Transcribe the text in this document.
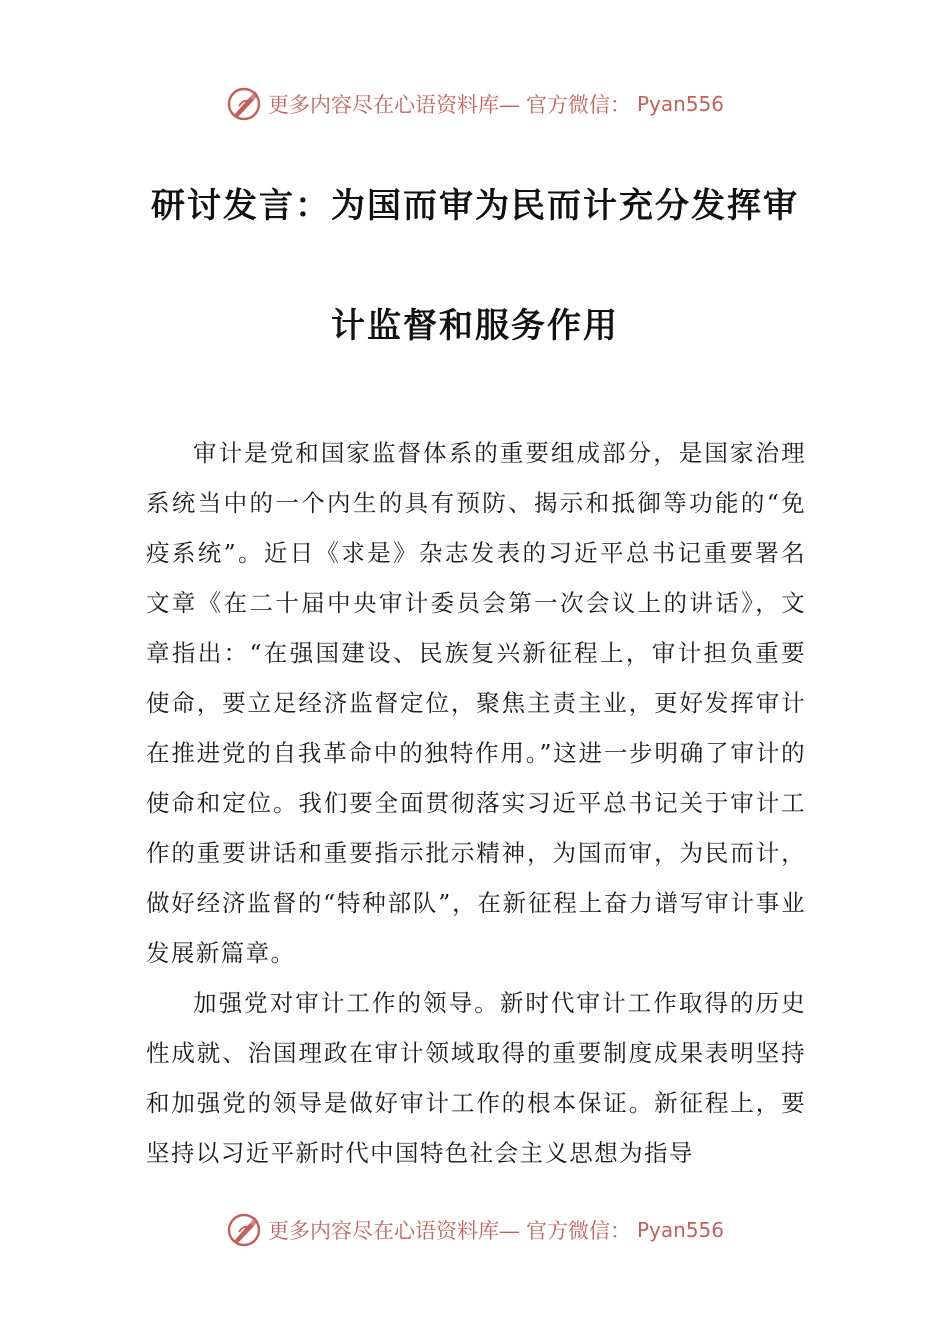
更多内容尽在心语资料库— 官方微信： Pyan556
研讨发言：为国而审为民而计充分发挥审
计监督和服务作用

审计是党和国家监督体系的重要组成部分，是国家治理系统当中的一个内生的具有预防、揭示和抵御等功能的“免疫系统”。近日《求是》杂志发表的习近平总书记重要署名文章《在二十届中央审计委员会第一次会议上的讲话》，文章指出：“在强国建设、民族复兴新征程上，审计担负重要使命，要立足经济监督定位，聚焦主责主业，更好发挥审计在推进党的自我革命中的独特作用。”这进一步明确了审计的使命和定位。我们要全面贯彻落实习近平总书记关于审计工作的重要讲话和重要指示批示精神，为国而审，为民而计，做好经济监督的“特种部队”，在新征程上奋力谱写审计事业发展新篇章。

加强党对审计工作的领导。新时代审计工作取得的历史性成就、治国理政在审计领域取得的重要制度成果表明坚持和加强党的领导是做好审计工作的根本保证。新征程上，要坚持以习近平新时代中国特色社会主义思想为指导

更多内容尽在心语资料库— 官方微信： Pyan556
